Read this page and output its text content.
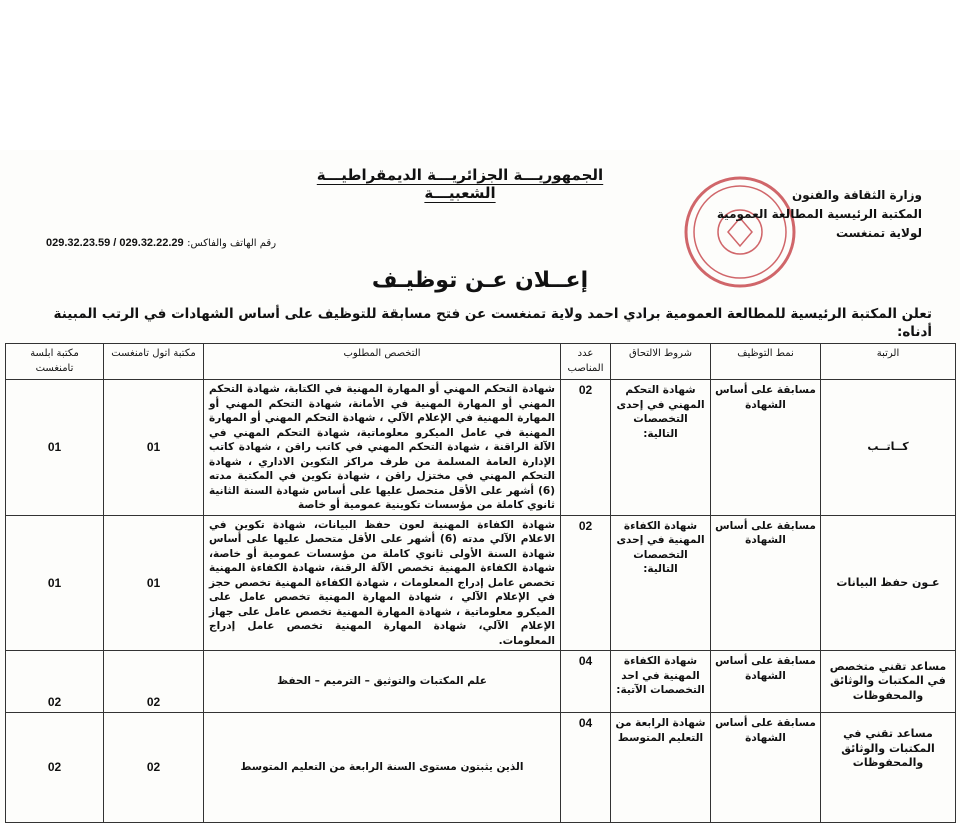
الجمهوريـــة الجزائريـــة الديمقراطيـــة الشعبيـــة	وزارة الثقافة والفنون
المكتبة الرئيسية المطالعة العمومية
لولاية تمنغست
رقم الهاتف والفاكس: 029.32.22.29 / 029.32.23.59
إعــلان عـن توظيـف
تعلن المكتبة الرئيسية للمطالعة العمومية برادي احمد ولاية تمنغست عن فتح مسابقة للتوظيف على أساس الشهادات في الرتب المبينة أدناه:
الرتبة	نمط التوظيف	شروط الالتحاق	عدد المناصب	التخصص المطلوب	مكتبة اتول تامنغست	مكتبة ابلسة تامنغست
كــاتــب	مسابقة على أساس الشهادة	شهادة التحكم المهني في إحدى التخصصات التالية:	02	شهادة التحكم المهني أو المهارة المهنية في الكتابة، شهادة التحكم المهني أو المهارة المهنية في الأمانة، شهادة التحكم المهني أو المهارة المهنية في الإعلام الآلي ، شهادة التحكم المهني أو المهارة المهنية في عامل الميكرو معلوماتية، شهادة التحكم المهني في الآلة الراقنة ، شهادة التحكم المهني في كاتب راقن ، شهادة كاتب الإدارة العامة المسلمة من طرف مراكز التكوين الاداري ، شهادة التحكم المهني في مختزل راقن ، شهادة تكوين في المكتبة مدته (6) أشهر على الأقل متحصل عليها على أساس شهادة السنة الثانية ثانوي كاملة من مؤسسات تكوينية عمومية أو خاصة	01	01
عـون حفظ البيانات	مسابقة على أساس الشهادة	شهادة الكفاءة المهنية في إحدى التخصصات التالية:	02	شهادة الكفاءة المهنية لعون حفظ البيانات، شهادة تكوين في الاعلام الآلي مدته (6) أشهر على الأقل متحصل عليها على أساس شهادة السنة الأولى ثانوي كاملة من مؤسسات عمومية أو خاصة، شهادة الكفاءة المهنية تخصص الآلة الرقنة، شهادة الكفاءة المهنية تخصص عامل إدراج المعلومات ، شهادة الكفاءة المهنية تخصص حجز في الإعلام الآلي ، شهادة المهارة المهنية تخصص عامل على الميكرو معلوماتية ، شهادة المهارة المهنية تخصص عامل على جهاز الإعلام الآلي، شهادة المهارة المهنية تخصص عامل إدراج المعلومات.	01	01
مساعد تقني متخصص في المكتبات والوثائق والمحفوظات	مسابقة على أساس الشهادة	شهادة الكفاءة المهنية في احد التخصصات الآتية:	04	علم المكتبات والتوثيق – الترميم – الحفظ	02	02
مساعد تقني في المكتبات والوثائق والمحفوظات	مسابقة على أساس الشهادة	شهادة الرابعة من التعليم المتوسط	04	الذين يثبتون مستوى السنة الرابعة من التعليم المتوسط	02	02
